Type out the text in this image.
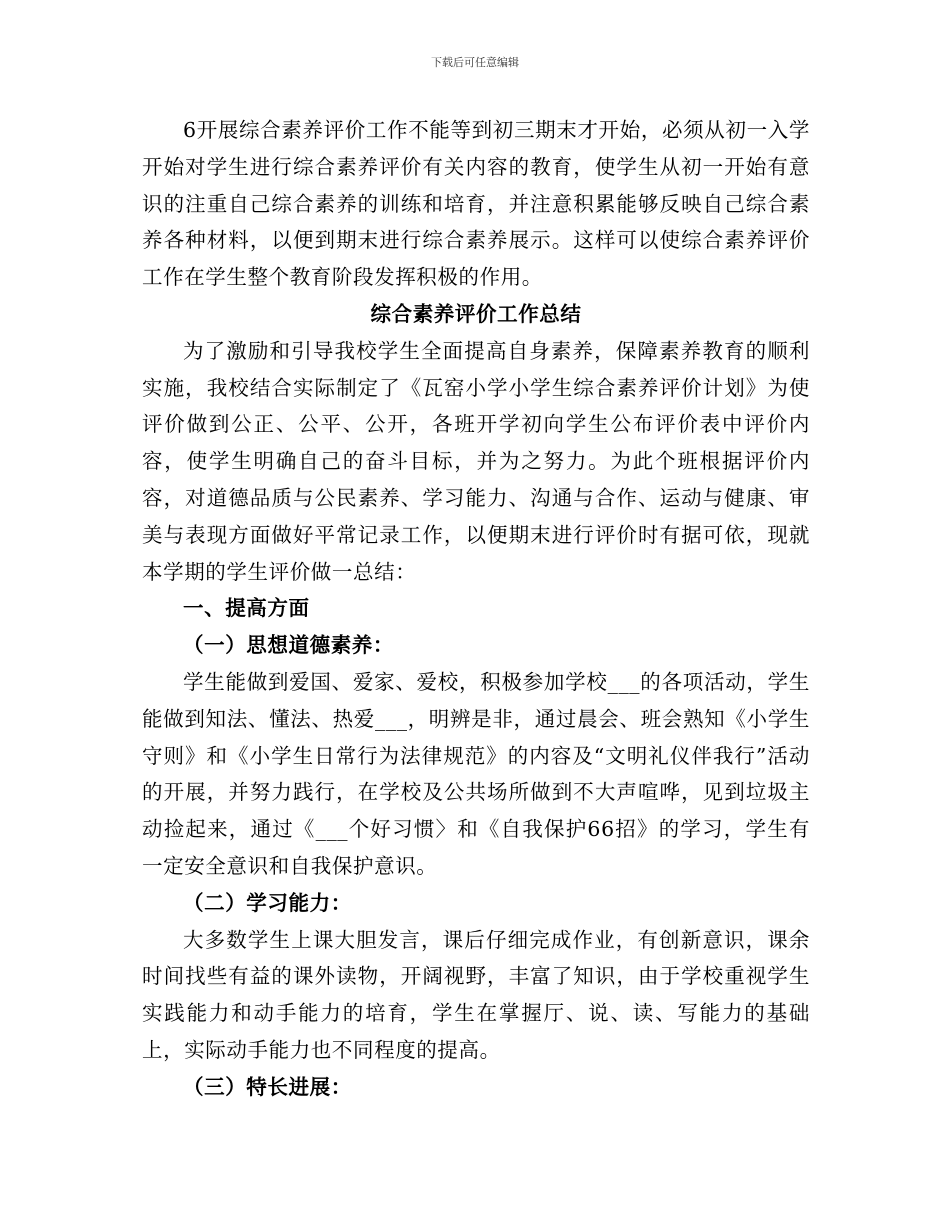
下载后可任意编辑

6开展综合素养评价工作不能等到初三期末才开始，必须从初一入学开始对学生进行综合素养评价有关内容的教育，使学生从初一开始有意识的注重自己综合素养的训练和培育，并注意积累能够反映自己综合素养各种材料，以便到期末进行综合素养展示。这样可以使综合素养评价工作在学生整个教育阶段发挥积极的作用。

综合素养评价工作总结

为了激励和引导我校学生全面提高自身素养，保障素养教育的顺利实施，我校结合实际制定了《瓦窑小学小学生综合素养评价计划》为使评价做到公正、公平、公开，各班开学初向学生公布评价表中评价内容，使学生明确自己的奋斗目标，并为之努力。为此个班根据评价内容，对道德品质与公民素养、学习能力、沟通与合作、运动与健康、审美与表现方面做好平常记录工作，以便期末进行评价时有据可依，现就本学期的学生评价做一总结：

一、提高方面

（一）思想道德素养：

学生能做到爱国、爱家、爱校，积极参加学校___的各项活动，学生能做到知法、懂法、热爱___，明辨是非，通过晨会、班会熟知《小学生守则》和《小学生日常行为法律规范》的内容及“文明礼仪伴我行”活动的开展，并努力践行，在学校及公共场所做到不大声喧哗，见到垃圾主动捡起来，通过《___个好习惯〉和《自我保护66招》的学习，学生有一定安全意识和自我保护意识。

（二）学习能力：

大多数学生上课大胆发言，课后仔细完成作业，有创新意识，课余时间找些有益的课外读物，开阔视野，丰富了知识，由于学校重视学生实践能力和动手能力的培育，学生在掌握厅、说、读、写能力的基础上，实际动手能力也不同程度的提高。

（三）特长进展：
